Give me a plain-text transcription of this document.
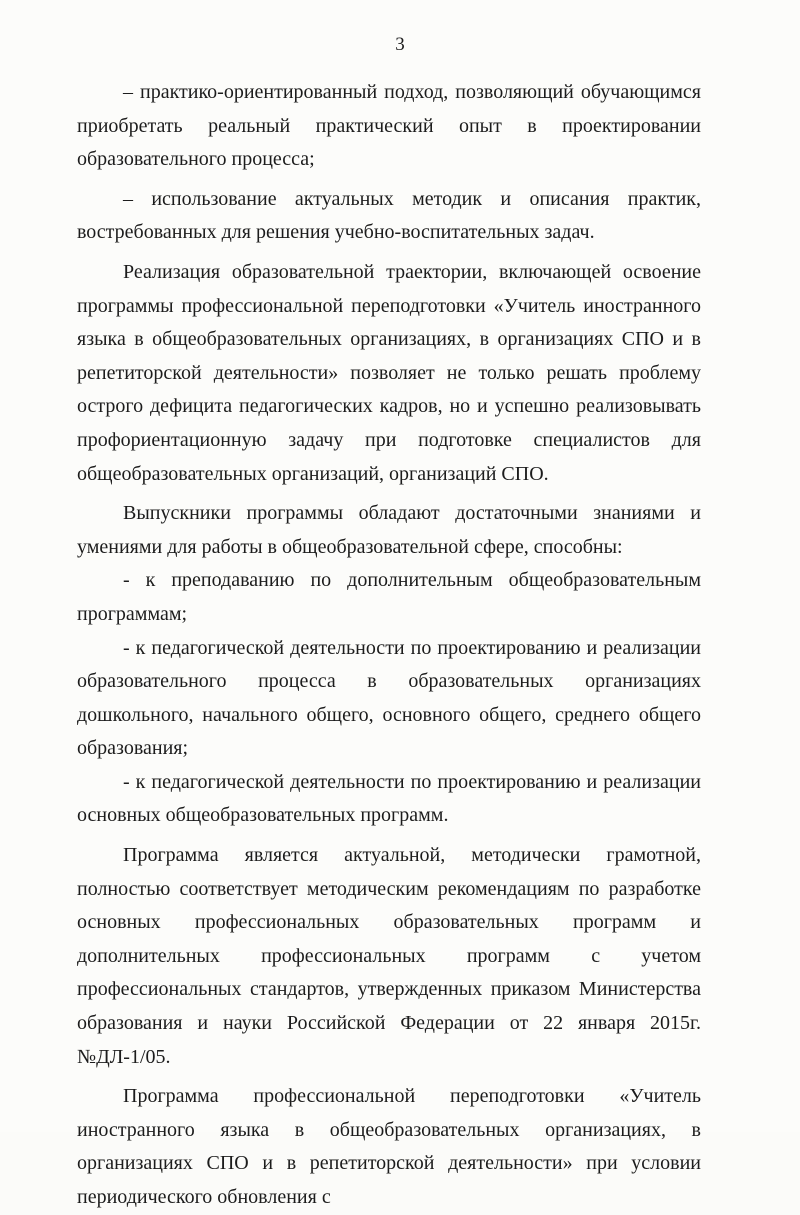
3

– практико-ориентированный подход, позволяющий обучающимся приобретать реальный практический опыт в проектировании образовательного процесса;

– использование актуальных методик и описания практик, востребованных для решения учебно-воспитательных задач.

Реализация образовательной траектории, включающей освоение программы профессиональной переподготовки «Учитель иностранного языка в общеобразовательных организациях, в организациях СПО и в репетиторской деятельности» позволяет не только решать проблему острого дефицита педагогических кадров, но и успешно реализовывать профориентационную задачу при подготовке специалистов для общеобразовательных организаций, организаций СПО.

Выпускники программы обладают достаточными знаниями и умениями для работы в общеобразовательной сфере, способны:

- к преподаванию по дополнительным общеобразовательным программам;

- к педагогической деятельности по проектированию и реализации образовательного процесса в образовательных организациях дошкольного, начального общего, основного общего, среднего общего образования;

- к педагогической деятельности по проектированию и реализации основных общеобразовательных программ.

Программа является актуальной, методически грамотной, полностью соответствует методическим рекомендациям по разработке основных профессиональных образовательных программ и дополнительных профессиональных программ с учетом профессиональных стандартов, утвержденных приказом Министерства образования и науки Российской Федерации от 22 января 2015г. №ДЛ-1/05.

Программа профессиональной переподготовки «Учитель иностранного языка в общеобразовательных организациях, в организациях СПО и в репетиторской деятельности» при условии периодического обновления с
